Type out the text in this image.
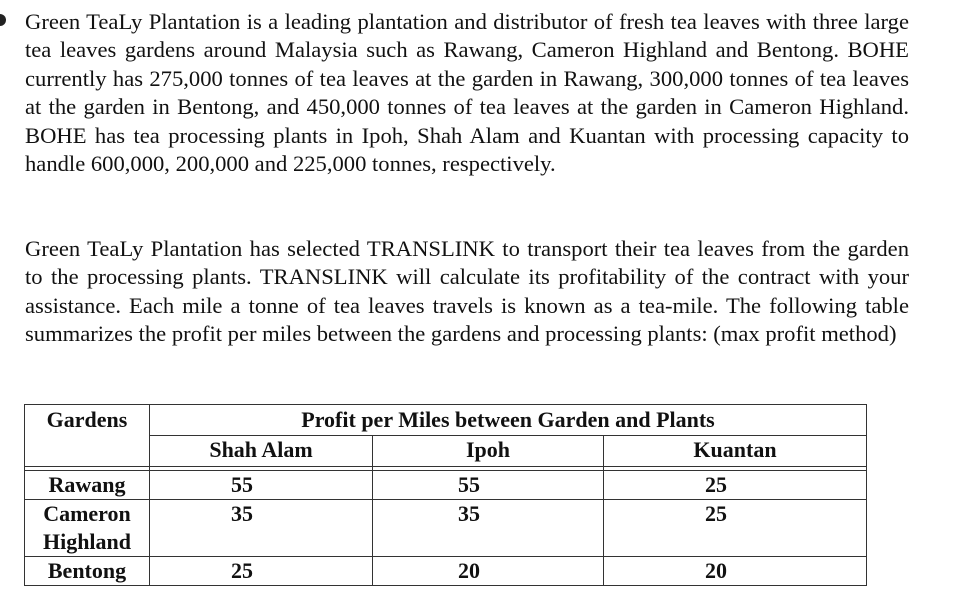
Green TeaLy Plantation is a leading plantation and distributor of fresh tea leaves with three large tea leaves gardens around Malaysia such as Rawang, Cameron Highland and Bentong. BOHE currently has 275,000 tonnes of tea leaves at the garden in Rawang, 300,000 tonnes of tea leaves at the garden in Bentong, and 450,000 tonnes of tea leaves at the garden in Cameron Highland. BOHE has tea processing plants in Ipoh, Shah Alam and Kuantan with processing capacity to handle 600,000, 200,000 and 225,000 tonnes, respectively.

Green TeaLy Plantation has selected TRANSLINK to transport their tea leaves from the garden to the processing plants. TRANSLINK will calculate its profitability of the contract with your assistance. Each mile a tonne of tea leaves travels is known as a tea-mile. The following table summarizes the profit per miles between the gardens and processing plants: (max profit method)

Gardens	Profit per Miles between Garden and Plants		
	Shah Alam	Ipoh	Kuantan

Rawang	55	55	25

Cameron
Highland	35	35	25
Bentong	25	20	20
